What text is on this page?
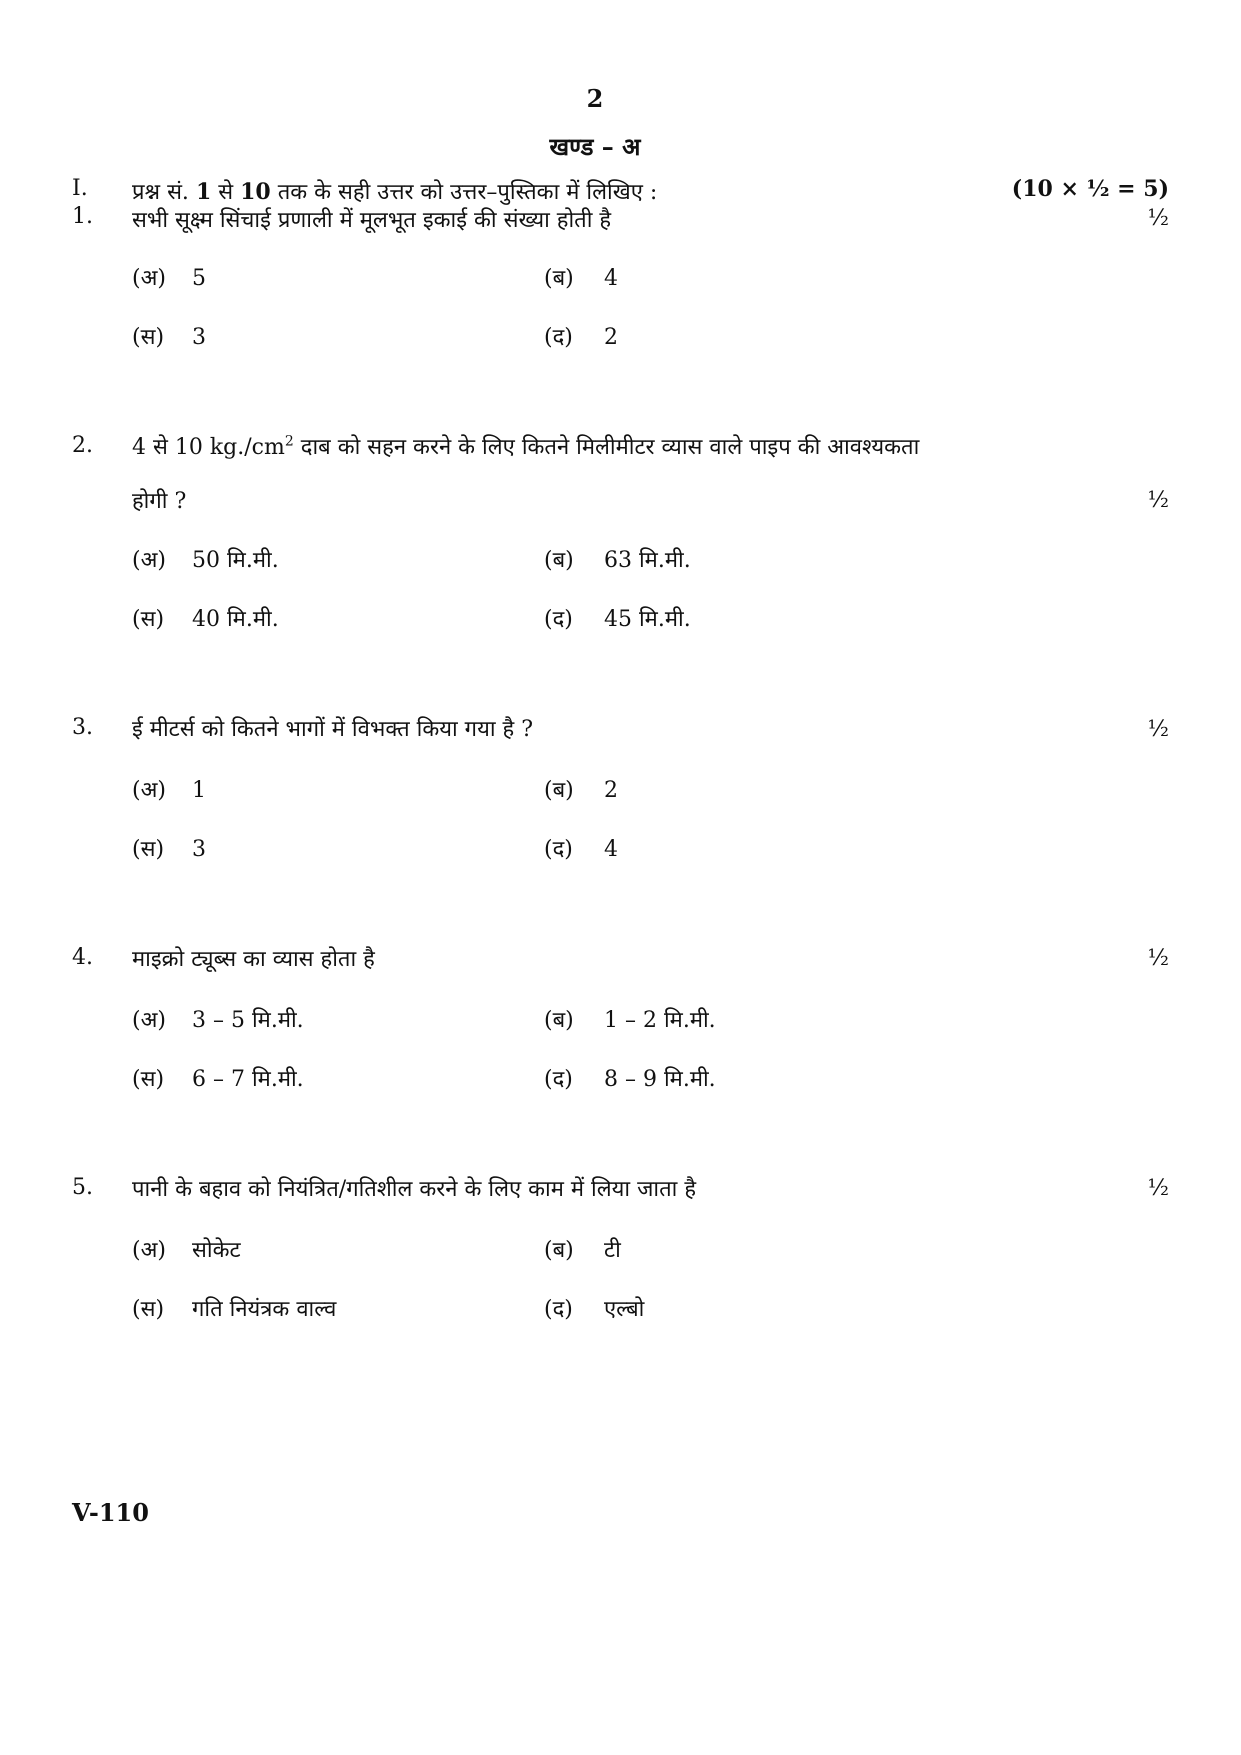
2
खण्ड – अ
I. प्रश्न सं. 1 से 10 तक के सही उत्तर को उत्तर–पुस्तिका में लिखिए :	(10 × ½ = 5)
1. सभी सूक्ष्म सिंचाई प्रणाली में मूलभूत इकाई की संख्या होती है	½
(अ) 5	(ब) 4
(स) 3	(द) 2
2. 4 से 10 $kg./cm^2$ दाब को सहन करने के लिए कितने मिलीमीटर व्यास वाले पाइप की आवश्यकता
होगी ?	½
(अ) 50 मि.मी.	(ब) 63 मि.मी.
(स) 40 मि.मी.	(द) 45 मि.मी.
3. ई मीटर्स को कितने भागों में विभक्त किया गया है ?	½
(अ) 1	(ब) 2
(स) 3	(द) 4
4. माइक्रो ट्यूब्स का व्यास होता है	½
(अ) 3 – 5 मि.मी.	(ब) 1 – 2 मि.मी.
(स) 6 – 7 मि.मी.	(द) 8 – 9 मि.मी.
5. पानी के बहाव को नियंत्रित/गतिशील करने के लिए काम में लिया जाता है	½
(अ) सोकेट	(ब) टी
(स) गति नियंत्रक वाल्व	(द) एल्बो
V-110
